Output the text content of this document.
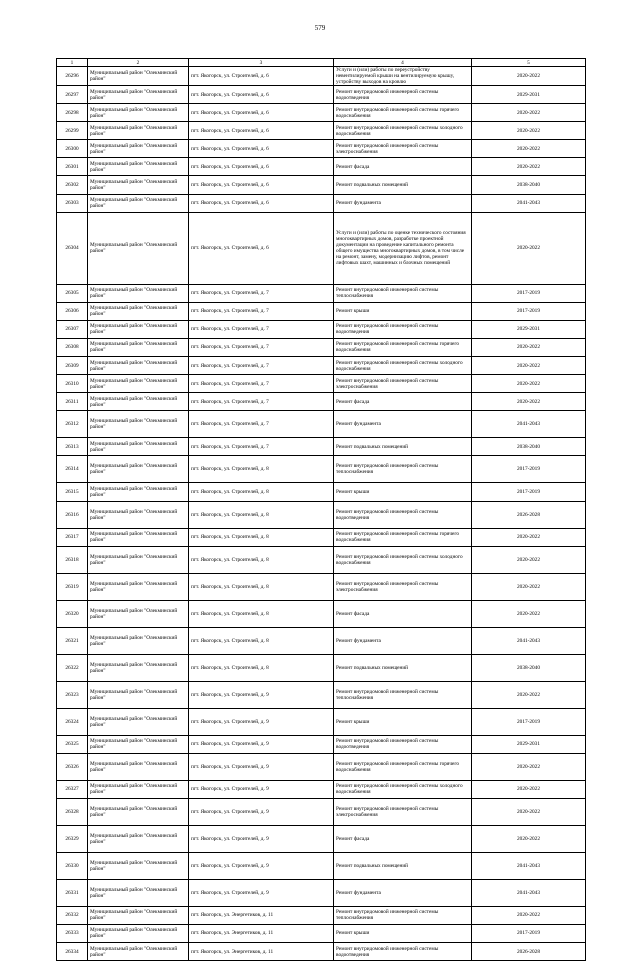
579
1	2	3	4	5
26296	Муниципальный район "Олекминский район"	пгт. Якогорск, ул. Строителей, д. 6	Услуги и (или) работы по переустройству невентилируемой крыши на вентилируемую крышу, устройству выходов на кровлю	2020-2022
26297	Муниципальный район "Олекминский район"	пгт. Якогорск, ул. Строителей, д. 6	Ремонт внутридомовой инженерной системы водоотведения	2029-2031
26298	Муниципальный район "Олекминский район"	пгт. Якогорск, ул. Строителей, д. 6	Ремонт внутридомовой инженерной системы горячего водоснабжения	2020-2022
26299	Муниципальный район "Олекминский район"	пгт. Якогорск, ул. Строителей, д. 6	Ремонт внутридомовой инженерной системы холодного водоснабжения	2020-2022
26300	Муниципальный район "Олекминский район"	пгт. Якогорск, ул. Строителей, д. 6	Ремонт внутридомовой инженерной системы электроснабжения	2020-2022
26301	Муниципальный район "Олекминский район"	пгт. Якогорск, ул. Строителей, д. 6	Ремонт фасада	2020-2022
26302	Муниципальный район "Олекминский район"	пгт. Якогорск, ул. Строителей, д. 6	Ремонт подвальных помещений	2038-2040
26303	Муниципальный район "Олекминский район"	пгт. Якогорск, ул. Строителей, д. 6	Ремонт фундамента	2041-2043
26304	Муниципальный район "Олекминский район"	пгт. Якогорск, ул. Строителей, д. 6	Услуги и (или) работы по оценке технического состояния многоквартирных домов, разработке проектной документации на проведение капитального ремонта общего имущества многоквартирных домов, в том числе на ремонт, замену, модернизацию лифтов, ремонт лифтовых шахт, машинных и блочных помещений	2020-2022
26305	Муниципальный район "Олекминский район"	пгт. Якогорск, ул. Строителей, д. 7	Ремонт внутридомовой инженерной системы теплоснабжения	2017-2019
26306	Муниципальный район "Олекминский район"	пгт. Якогорск, ул. Строителей, д. 7	Ремонт крыши	2017-2019
26307	Муниципальный район "Олекминский район"	пгт. Якогорск, ул. Строителей, д. 7	Ремонт внутридомовой инженерной системы водоотведения	2029-2031
26308	Муниципальный район "Олекминский район"	пгт. Якогорск, ул. Строителей, д. 7	Ремонт внутридомовой инженерной системы горячего водоснабжения	2020-2022
26309	Муниципальный район "Олекминский район"	пгт. Якогорск, ул. Строителей, д. 7	Ремонт внутридомовой инженерной системы холодного водоснабжения	2020-2022
26310	Муниципальный район "Олекминский район"	пгт. Якогорск, ул. Строителей, д. 7	Ремонт внутридомовой инженерной системы электроснабжения	2020-2022
26311	Муниципальный район "Олекминский район"	пгт. Якогорск, ул. Строителей, д. 7	Ремонт фасада	2020-2022
26312	Муниципальный район "Олекминский район"	пгт. Якогорск, ул. Строителей, д. 7	Ремонт фундамента	2041-2043
26313	Муниципальный район "Олекминский район"	пгт. Якогорск, ул. Строителей, д. 7	Ремонт подвальных помещений	2038-2040
26314	Муниципальный район "Олекминский район"	пгт. Якогорск, ул. Строителей, д. 8	Ремонт внутридомовой инженерной системы теплоснабжения	2017-2019
26315	Муниципальный район "Олекминский район"	пгт. Якогорск, ул. Строителей, д. 8	Ремонт крыши	2017-2019
26316	Муниципальный район "Олекминский район"	пгт. Якогорск, ул. Строителей, д. 8	Ремонт внутридомовой инженерной системы водоотведения	2026-2028
26317	Муниципальный район "Олекминский район"	пгт. Якогорск, ул. Строителей, д. 8	Ремонт внутридомовой инженерной системы горячего водоснабжения	2020-2022
26318	Муниципальный район "Олекминский район"	пгт. Якогорск, ул. Строителей, д. 8	Ремонт внутридомовой инженерной системы холодного водоснабжения	2020-2022
26319	Муниципальный район "Олекминский район"	пгт. Якогорск, ул. Строителей, д. 8	Ремонт внутридомовой инженерной системы электроснабжения	2020-2022
26320	Муниципальный район "Олекминский район"	пгт. Якогорск, ул. Строителей, д. 8	Ремонт фасада	2020-2022
26321	Муниципальный район "Олекминский район"	пгт. Якогорск, ул. Строителей, д. 8	Ремонт фундамента	2041-2043
26322	Муниципальный район "Олекминский район"	пгт. Якогорск, ул. Строителей, д. 8	Ремонт подвальных помещений	2038-2040
26323	Муниципальный район "Олекминский район"	пгт. Якогорск, ул. Строителей, д. 9	Ремонт внутридомовой инженерной системы теплоснабжения	2020-2022
26324	Муниципальный район "Олекминский район"	пгт. Якогорск, ул. Строителей, д. 9	Ремонт крыши	2017-2019
26325	Муниципальный район "Олекминский район"	пгт. Якогорск, ул. Строителей, д. 9	Ремонт внутридомовой инженерной системы водоотведения	2029-2031
26326	Муниципальный район "Олекминский район"	пгт. Якогорск, ул. Строителей, д. 9	Ремонт внутридомовой инженерной системы горячего водоснабжения	2020-2022
26327	Муниципальный район "Олекминский район"	пгт. Якогорск, ул. Строителей, д. 9	Ремонт внутридомовой инженерной системы холодного водоснабжения	2020-2022
26328	Муниципальный район "Олекминский район"	пгт. Якогорск, ул. Строителей, д. 9	Ремонт внутридомовой инженерной системы электроснабжения	2020-2022
26329	Муниципальный район "Олекминский район"	пгт. Якогорск, ул. Строителей, д. 9	Ремонт фасада	2020-2022
26330	Муниципальный район "Олекминский район"	пгт. Якогорск, ул. Строителей, д. 9	Ремонт подвальных помещений	2041-2043
26331	Муниципальный район "Олекминский район"	пгт. Якогорск, ул. Строителей, д. 9	Ремонт фундамента	2041-2043
26332	Муниципальный район "Олекминский район"	пгт. Якогорск, ул. Энергетиков, д. 11	Ремонт внутридомовой инженерной системы теплоснабжения	2020-2022
26333	Муниципальный район "Олекминский район"	пгт. Якогорск, ул. Энергетиков, д. 11	Ремонт крыши	2017-2019
26334	Муниципальный район "Олекминский район"	пгт. Якогорск, ул. Энергетиков, д. 11	Ремонт внутридомовой инженерной системы водоотведения	2026-2028
